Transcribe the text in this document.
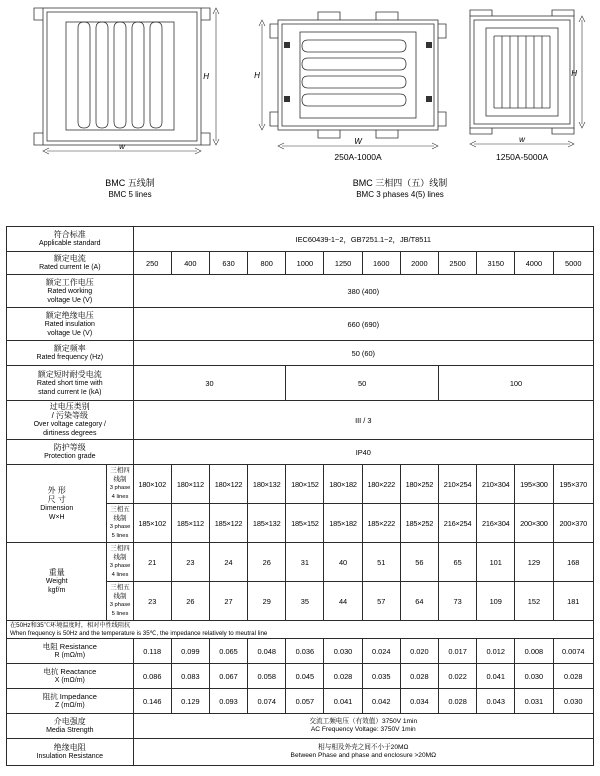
H
w
BMC 五线制
BMC 5 lines
H
W
250A-1000A
BMC 三相四（五）线制
BMC 3 phases 4(5) lines
H
w
1250A-5000A
符合标准
Applicable standard		IEC60439-1~2，GB7251.1~2，JB/T8511											

额定电流
Rated current Ie (A)		250	400	630	800	1000	1250	1600	2000	2500	3150	4000	5000

额定工作电压
Rated working
voltage Ue (V)		380 (400)											

额定绝缘电压
Rated insulation
voltage Ue (V)		660 (690)											

额定频率
Rated frequency (Hz)		50 (60)											

额定短时耐受电流
Rated short time with
stand current Ie (kA)		30				50				100			

过电压类别
/ 污染等级
Over voltage category /
dirtiness degrees		III / 3											

防护等级
Protection grade		IP40											

外 形
尺 寸
Dimension
W×H	三相四线制
3 phase 4 lines	180×102	180×112	180×122	180×132	180×152	180×182	180×222	180×252	210×254	210×304	195×300	195×370

	三相五线制
3 phase 5 lines	185×102	185×112	185×122	185×132	185×152	185×182	185×222	185×252	216×254	216×304	200×300	200×370

重量
Weight
kgf/m	三相四线制
3 phase 4 lines	21	23	24	26	31	40	51	56	65	101	129	168

	三相五线制
3 phase 5 lines	23	26	27	29	35	44	57	64	73	109	152	181

在50Hz和35℃环境温度时，相对中性线阻抗
When frequency is 50Hz and the temperature is 35℃, the impedance relatively to meutral line													

电阻 Resistance
R (mΩ/m)		0.118	0.099	0.065	0.048	0.036	0.030	0.024	0.020	0.017	0.012	0.008	0.0074

电抗 Reactance
X (mΩ/m)		0.086	0.083	0.067	0.058	0.045	0.028	0.035	0.028	0.022	0.041	0.030	0.028

阻抗 Impedance
Z (mΩ/m)		0.146	0.129	0.093	0.074	0.057	0.041	0.042	0.034	0.028	0.043	0.031	0.030

介电强度
Media Strength		交流工频电压（有效值）3750V 1min
AC Frequency Voltage: 3750V 1min											

绝缘电阻
Insulation Resistance		相与相及外壳之间不小于20MΩ
Between Phase and phase and enclosure >20MΩ											
